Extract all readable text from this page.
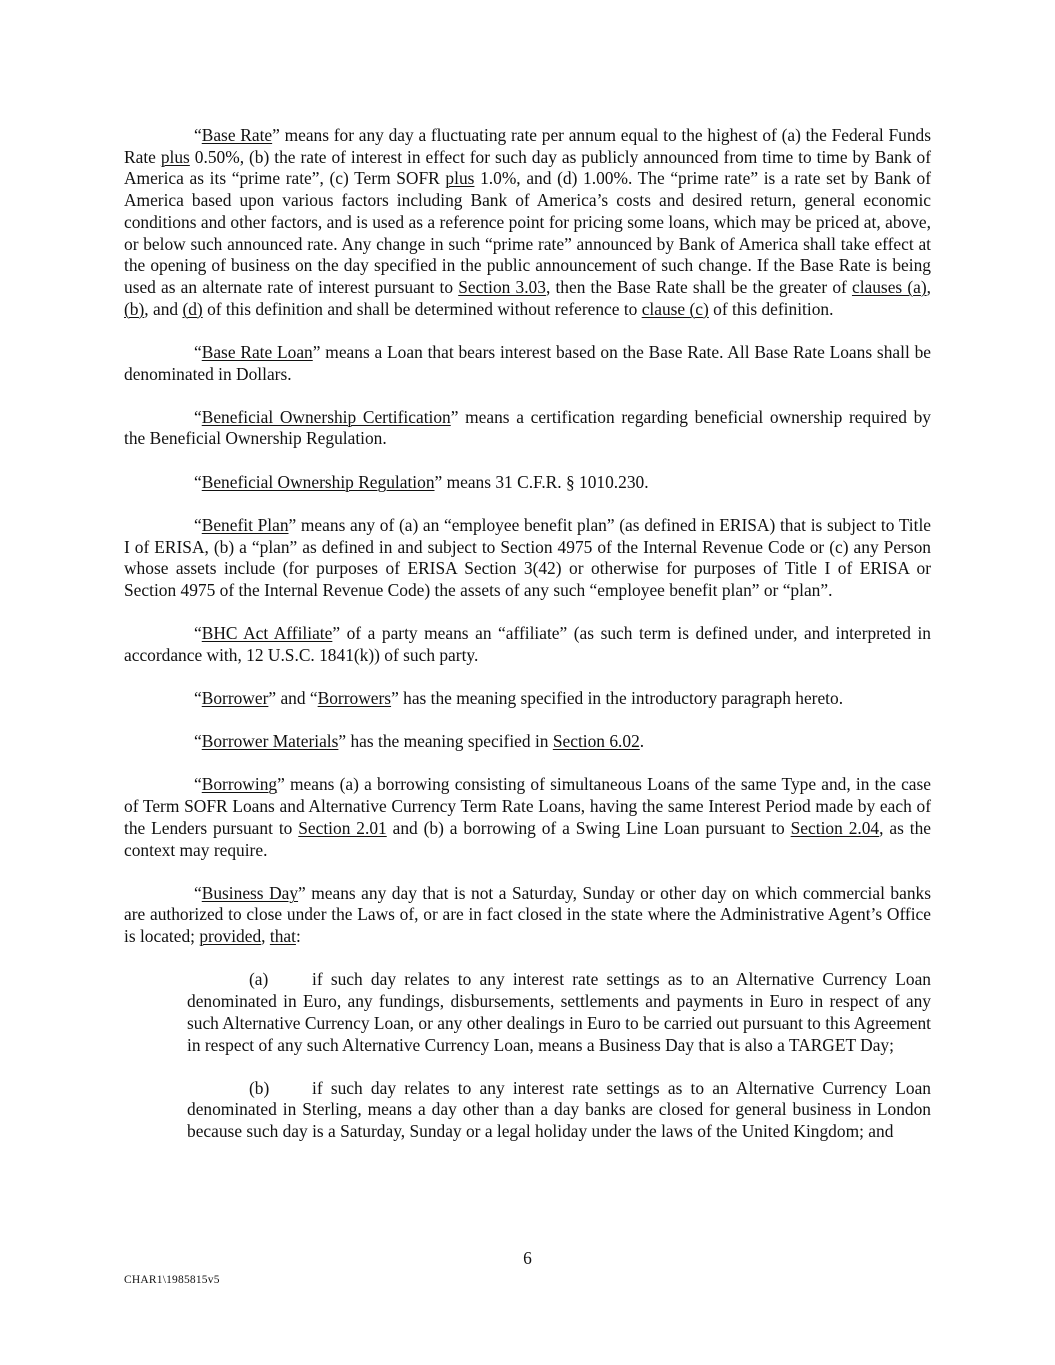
“Base Rate” means for any day a fluctuating rate per annum equal to the highest of (a) the Federal Funds Rate plus 0.50%, (b) the rate of interest in effect for such day as publicly announced from time to time by Bank of America as its “prime rate”, (c) Term SOFR plus 1.0%, and (d) 1.00%. The “prime rate” is a rate set by Bank of America based upon various factors including Bank of America’s costs and desired return, general economic conditions and other factors, and is used as a reference point for pricing some loans, which may be priced at, above, or below such announced rate. Any change in such “prime rate” announced by Bank of America shall take effect at the opening of business on the day specified in the public announcement of such change. If the Base Rate is being used as an alternate rate of interest pursuant to Section 3.03, then the Base Rate shall be the greater of clauses (a), (b), and (d) of this definition and shall be determined without reference to clause (c) of this definition.

“Base Rate Loan” means a Loan that bears interest based on the Base Rate. All Base Rate Loans shall be denominated in Dollars.

“Beneficial Ownership Certification” means a certification regarding beneficial ownership required by the Beneficial Ownership Regulation.

“Beneficial Ownership Regulation” means 31 C.F.R. § 1010.230.

“Benefit Plan” means any of (a) an “employee benefit plan” (as defined in ERISA) that is subject to Title I of ERISA, (b) a “plan” as defined in and subject to Section 4975 of the Internal Revenue Code or (c) any Person whose assets include (for purposes of ERISA Section 3(42) or otherwise for purposes of Title I of ERISA or Section 4975 of the Internal Revenue Code) the assets of any such “employee benefit plan” or “plan”.

“BHC Act Affiliate” of a party means an “affiliate” (as such term is defined under, and interpreted in accordance with, 12 U.S.C. 1841(k)) of such party.

“Borrower” and “Borrowers” has the meaning specified in the introductory paragraph hereto.

“Borrower Materials” has the meaning specified in Section 6.02.

“Borrowing” means (a) a borrowing consisting of simultaneous Loans of the same Type and, in the case of Term SOFR Loans and Alternative Currency Term Rate Loans, having the same Interest Period made by each of the Lenders pursuant to Section 2.01 and (b) a borrowing of a Swing Line Loan pursuant to Section 2.04, as the context may require.

“Business Day” means any day that is not a Saturday, Sunday or other day on which commercial banks are authorized to close under the Laws of, or are in fact closed in the state where the Administrative Agent’s Office is located; provided, that:

(a)	if such day relates to any interest rate settings as to an Alternative Currency Loan denominated in Euro, any fundings, disbursements, settlements and payments in Euro in respect of any such Alternative Currency Loan, or any other dealings in Euro to be carried out pursuant to this Agreement in respect of any such Alternative Currency Loan, means a Business Day that is also a TARGET Day;

(b) if such day relates to any interest rate settings as to an Alternative Currency Loan denominated in Sterling, means a day other than a day banks are closed for general business in London because such day is a Saturday, Sunday or a legal holiday under the laws of the United Kingdom; and

6
CHAR1\1985815v5
